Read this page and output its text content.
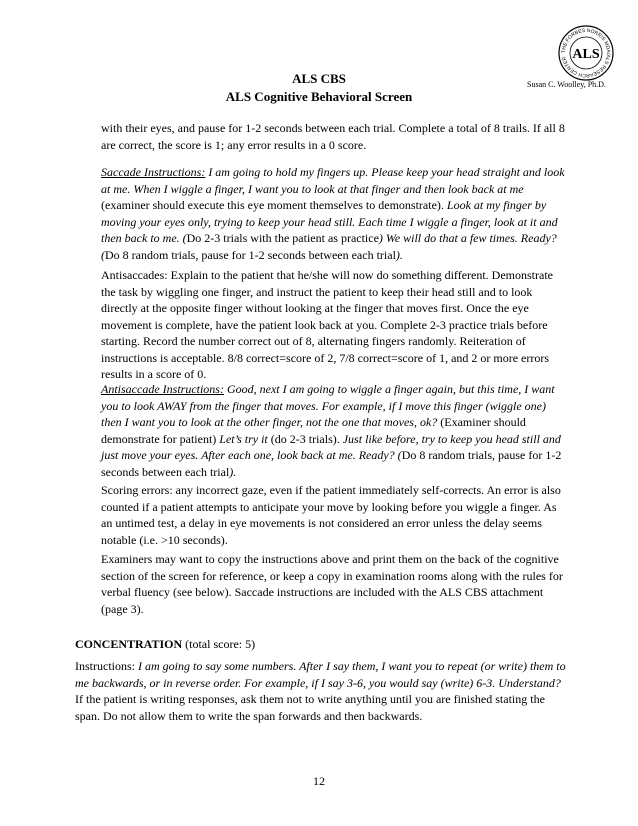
THE FORBES NORRIS MDA/ALS RESEARCH CENTER ALS
ALS CBS
ALS Cognitive Behavioral Screen
Susan C. Woolley, Ph.D.

with their eyes, and pause for 1-2 seconds between each trial. Complete a total of 8 trails. If all 8 are correct, the score is 1; any error results in a 0 score.

Saccade Instructions: I am going to hold my fingers up. Please keep your head straight and look at me. When I wiggle a finger, I want you to look at that finger and then look back at me (examiner should execute this eye moment themselves to demonstrate). Look at my finger by moving your eyes only, trying to keep your head still. Each time I wiggle a finger, look at it and then back to me. (Do 2-3 trials with the patient as practice) We will do that a few times. Ready? (Do 8 random trials, pause for 1-2 seconds between each trial).

Antisaccades: Explain to the patient that he/she will now do something different. Demonstrate the task by wiggling one finger, and instruct the patient to keep their head still and to look directly at the opposite finger without looking at the finger that moves first. Once the eye movement is complete, have the patient look back at you. Complete 2-3 practice trials before starting. Record the number correct out of 8, alternating fingers randomly. Reiteration of instructions is acceptable. 8/8 correct=score of 2, 7/8 correct=score of 1, and 2 or more errors results in a score of 0.

Antisaccade Instructions: Good, next I am going to wiggle a finger again, but this time, I want you to look AWAY from the finger that moves. For example, if I move this finger (wiggle one) then I want you to look at the other finger, not the one that moves, ok? (Examiner should demonstrate for patient) Let’s try it (do 2-3 trials). Just like before, try to keep you head still and just move your eyes. After each one, look back at me. Ready? (Do 8 random trials, pause for 1-2 seconds between each trial).

Scoring errors: any incorrect gaze, even if the patient immediately self-corrects. An error is also counted if a patient attempts to anticipate your move by looking before you wiggle a finger. As an untimed test, a delay in eye movements is not considered an error unless the delay seems notable (i.e. >10 seconds).

Examiners may want to copy the instructions above and print them on the back of the cognitive section of the screen for reference, or keep a copy in examination rooms along with the rules for verbal fluency (see below). Saccade instructions are included with the ALS CBS attachment (page 3).

CONCENTRATION (total score: 5)

Instructions: I am going to say some numbers. After I say them, I want you to repeat (or write) them to me backwards, or in reverse order. For example, if I say 3-6, you would say (write) 6-3. Understand? If the patient is writing responses, ask them not to write anything until you are finished stating the span. Do not allow them to write the span forwards and then backwards.

12
